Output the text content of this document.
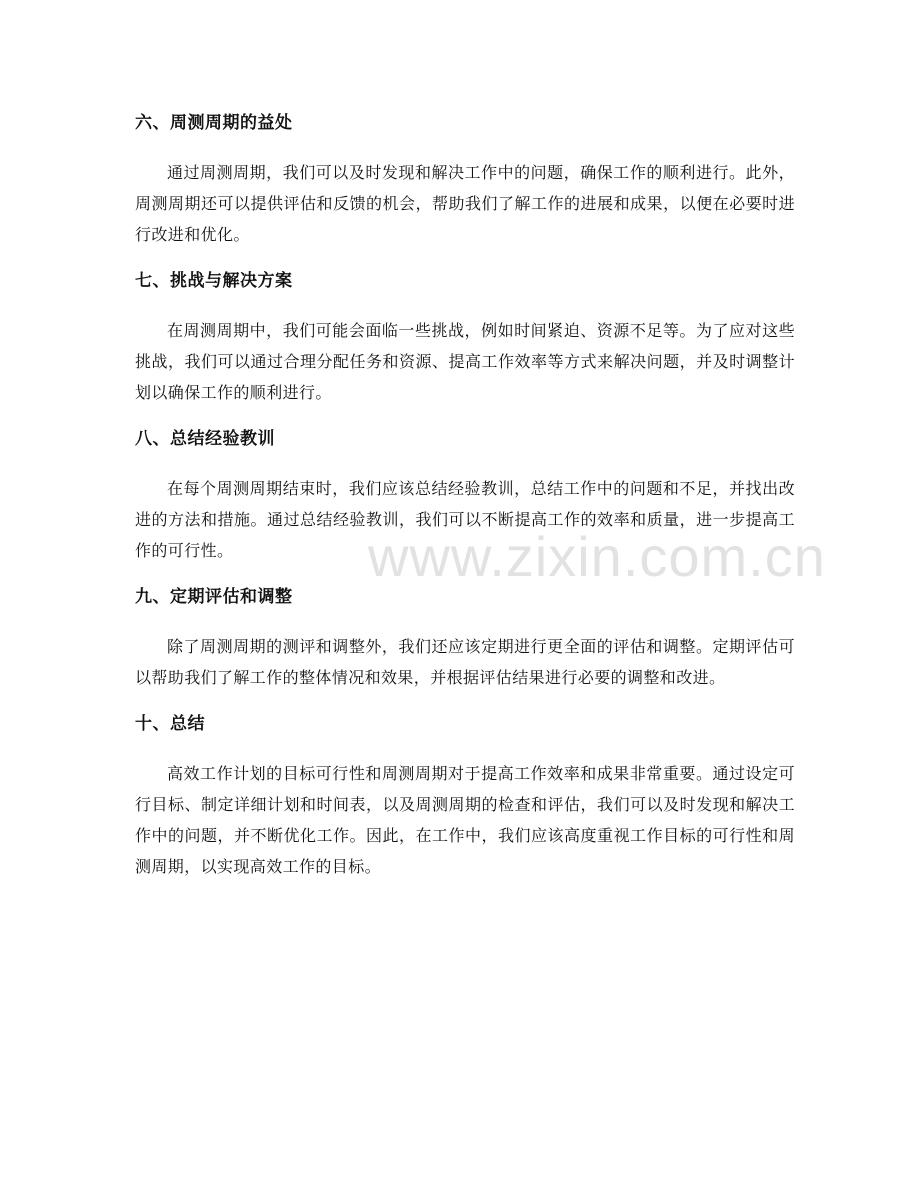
六、周测周期的益处

通过周测周期，我们可以及时发现和解决工作中的问题，确保工作的顺利进行。此外，周测周期还可以提供评估和反馈的机会，帮助我们了解工作的进展和成果，以便在必要时进行改进和优化。

七、挑战与解决方案

在周测周期中，我们可能会面临一些挑战，例如时间紧迫、资源不足等。为了应对这些挑战，我们可以通过合理分配任务和资源、提高工作效率等方式来解决问题，并及时调整计划以确保工作的顺利进行。

八、总结经验教训

在每个周测周期结束时，我们应该总结经验教训，总结工作中的问题和不足，并找出改进的方法和措施。通过总结经验教训，我们可以不断提高工作的效率和质量，进一步提高工作的可行性。

九、定期评估和调整

除了周测周期的测评和调整外，我们还应该定期进行更全面的评估和调整。定期评估可以帮助我们了解工作的整体情况和效果，并根据评估结果进行必要的调整和改进。

十、总结

高效工作计划的目标可行性和周测周期对于提高工作效率和成果非常重要。通过设定可行目标、制定详细计划和时间表，以及周测周期的检查和评估，我们可以及时发现和解决工作中的问题，并不断优化工作。因此，在工作中，我们应该高度重视工作目标的可行性和周测周期，以实现高效工作的目标。

www.zixin.com.cn
